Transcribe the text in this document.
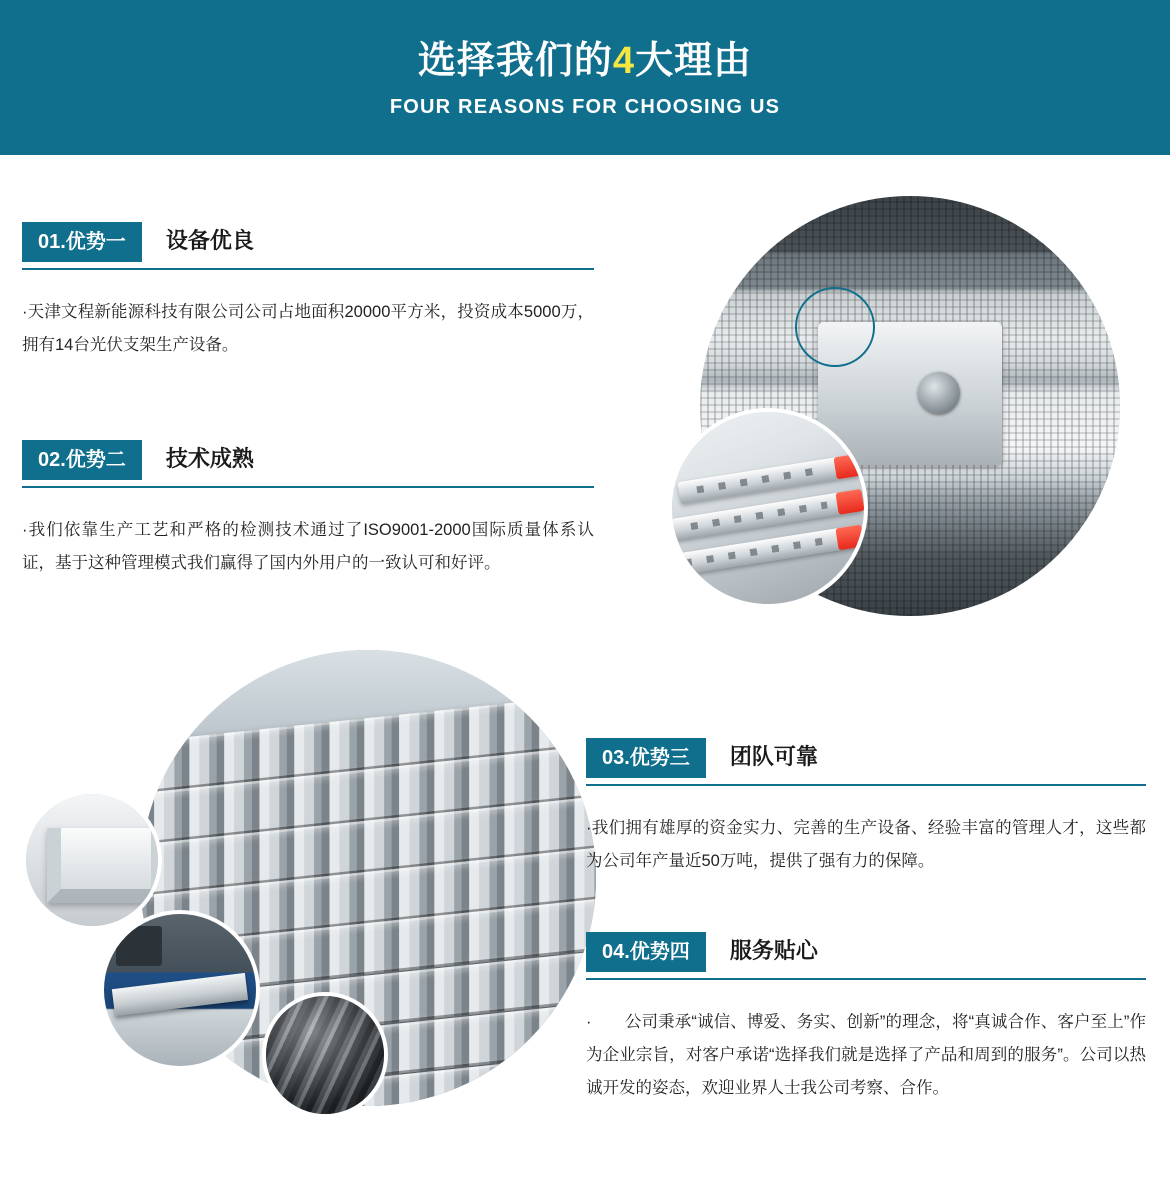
选择我们的4大理由
FOUR REASONS FOR CHOOSING US
01.优势一	设备优良
·天津文程新能源科技有限公司公司占地面积20000平方米，投资成本5000万，拥有14台光伏支架生产设备。
02.优势二	技术成熟
·我们依靠生产工艺和严格的检测技术通过了ISO9001-2000国际质量体系认证，基于这种管理模式我们赢得了国内外用户的一致认可和好评。
03.优势三	团队可靠
·我们拥有雄厚的资金实力、完善的生产设备、经验丰富的管理人才，这些都为公司年产量近50万吨，提供了强有力的保障。
04.优势四	服务贴心
·　　公司秉承“诚信、博爱、务实、创新”的理念，将“真诚合作、客户至上”作为企业宗旨，对客户承诺“选择我们就是选择了产品和周到的服务”。公司以热诚开发的姿态，欢迎业界人士我公司考察、合作。
